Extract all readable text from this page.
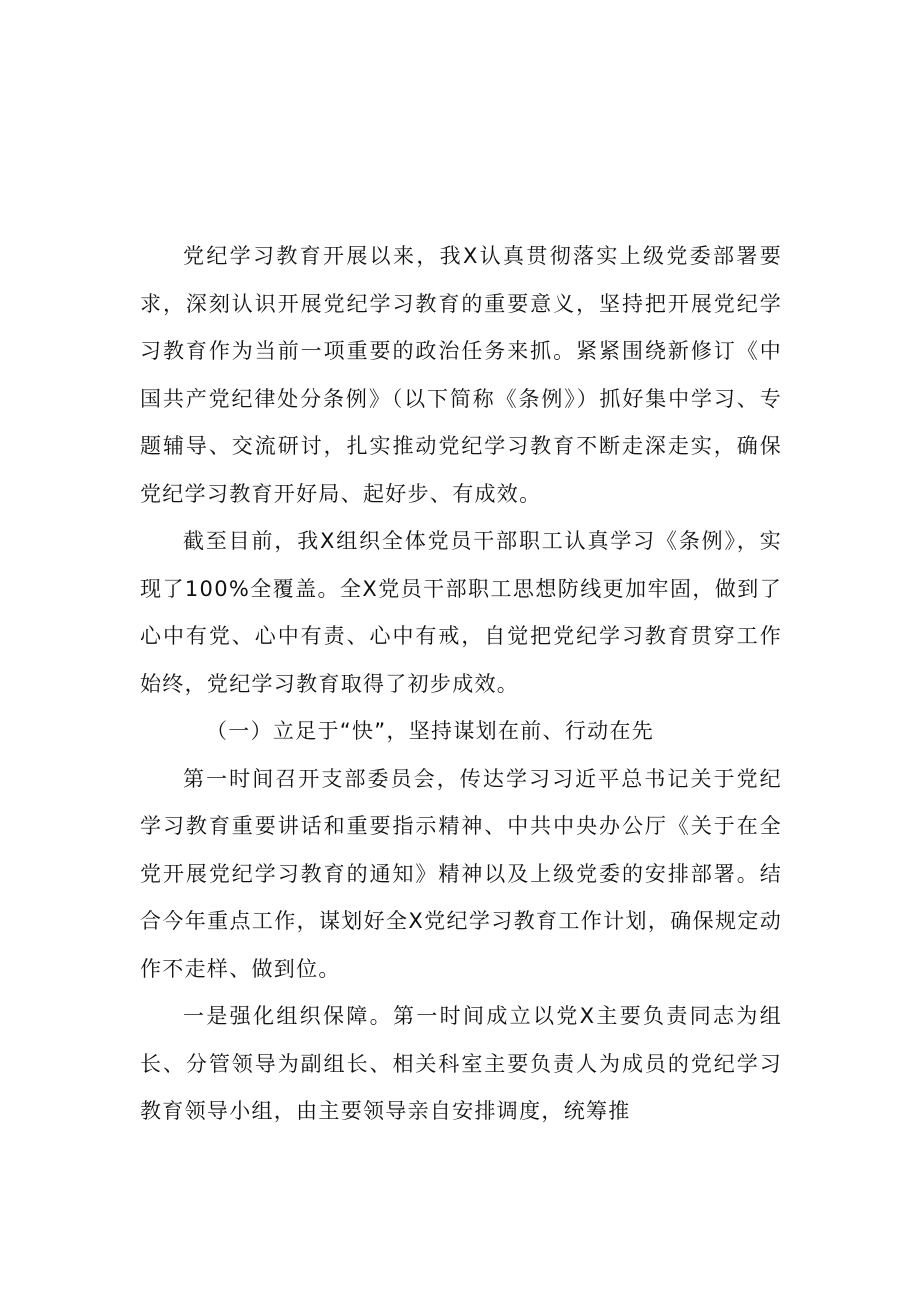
党纪学习教育开展以来，我X认真贯彻落实上级党委部署要求，深刻认识开展党纪学习教育的重要意义，坚持把开展党纪学习教育作为当前一项重要的政治任务来抓。紧紧围绕新修订《中国共产党纪律处分条例》（以下简称《条例》）抓好集中学习、专题辅导、交流研讨，扎实推动党纪学习教育不断走深走实，确保党纪学习教育开好局、起好步、有成效。

截至目前，我X组织全体党员干部职工认真学习《条例》，实现了100%全覆盖。全X党员干部职工思想防线更加牢固，做到了心中有党、心中有责、心中有戒，自觉把党纪学习教育贯穿工作始终，党纪学习教育取得了初步成效。

（一）立足于“快”，坚持谋划在前、行动在先

第一时间召开支部委员会，传达学习习近平总书记关于党纪学习教育重要讲话和重要指示精神、中共中央办公厅《关于在全党开展党纪学习教育的通知》精神以及上级党委的安排部署。结合今年重点工作，谋划好全X党纪学习教育工作计划，确保规定动作不走样、做到位。

一是强化组织保障。第一时间成立以党X主要负责同志为组长、分管领导为副组长、相关科室主要负责人为成员的党纪学习教育领导小组，由主要领导亲自安排调度，统筹推
